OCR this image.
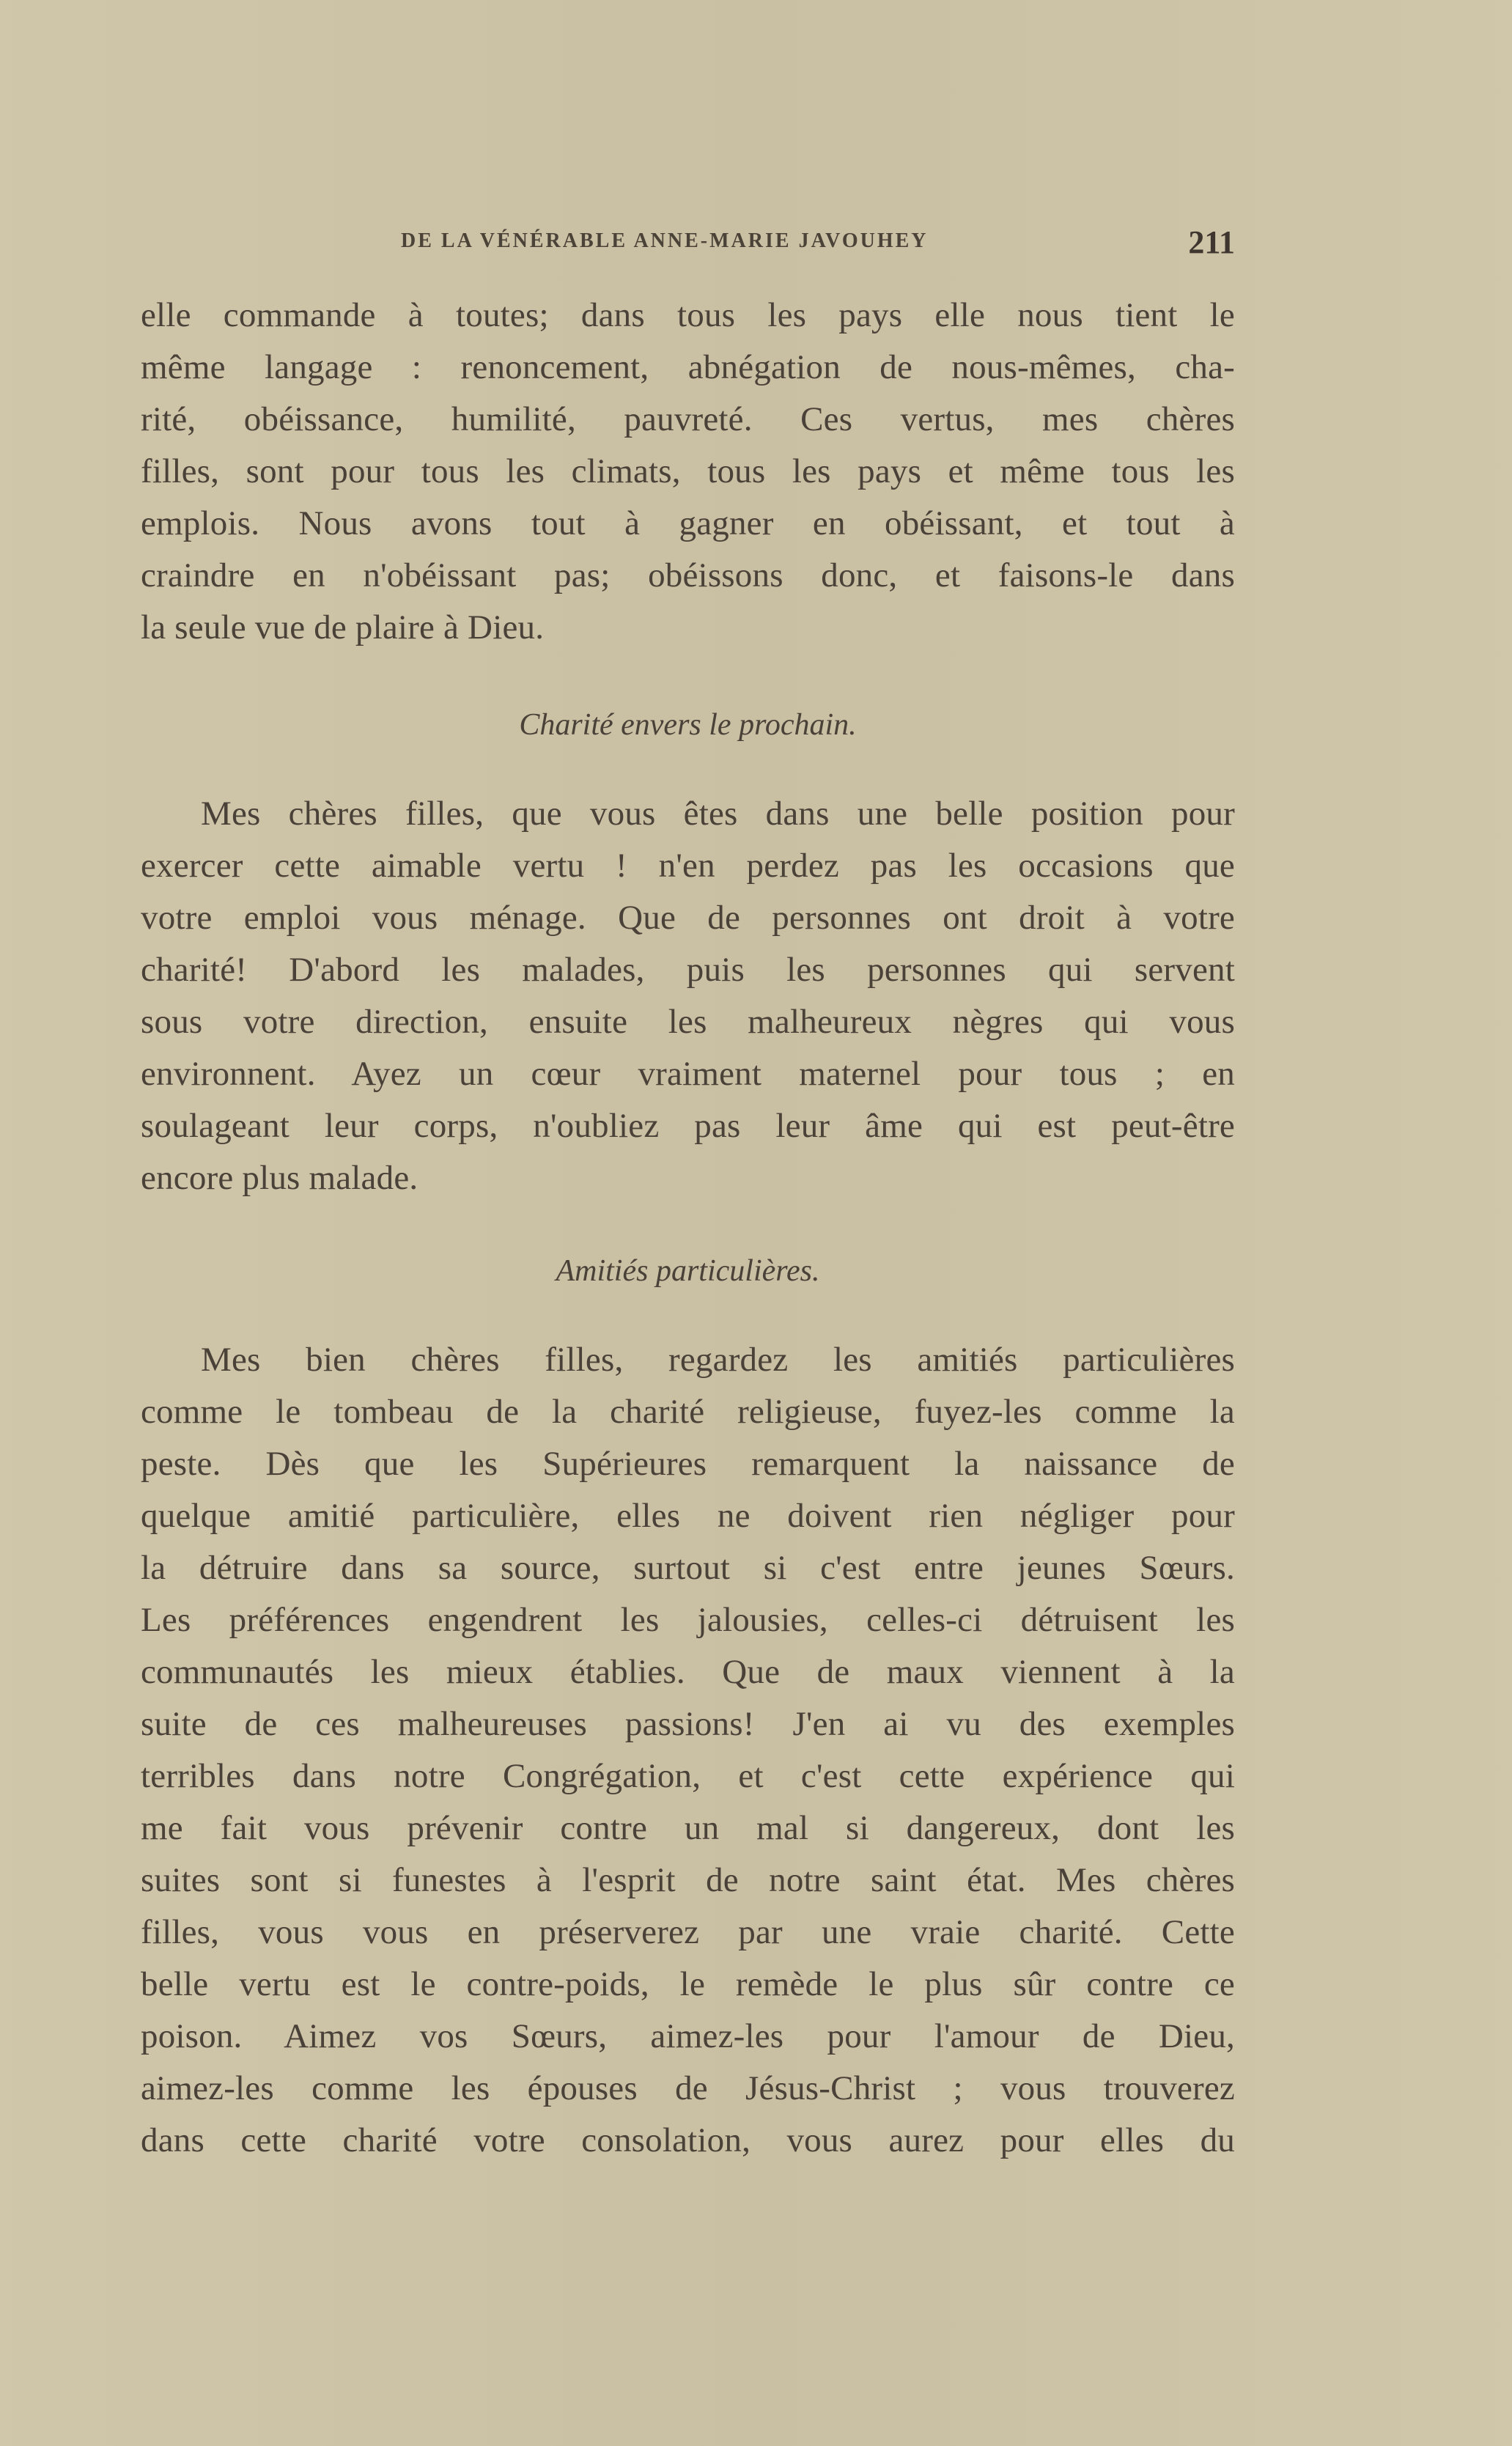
DE LA VÉNÉRABLE ANNE-MARIE JAVOUHEY	211
elle commande à toutes; dans tous les pays elle nous tient le
même langage : renoncement, abnégation de nous-mêmes, cha-
rité, obéissance, humilité, pauvreté. Ces vertus, mes chères
filles, sont pour tous les climats, tous les pays et même tous les
emplois. Nous avons tout à gagner en obéissant, et tout à
craindre en n'obéissant pas; obéissons donc, et faisons-le dans
la seule vue de plaire à Dieu.
Charité envers le prochain.
Mes chères filles, que vous êtes dans une belle position pour
exercer cette aimable vertu ! n'en perdez pas les occasions que
votre emploi vous ménage. Que de personnes ont droit à votre
charité! D'abord les malades, puis les personnes qui servent
sous votre direction, ensuite les malheureux nègres qui vous
environnent. Ayez un cœur vraiment maternel pour tous ; en
soulageant leur corps, n'oubliez pas leur âme qui est peut-être
encore plus malade.
Amitiés particulières.
Mes bien chères filles, regardez les amitiés particulières
comme le tombeau de la charité religieuse, fuyez-les comme la
peste. Dès que les Supérieures remarquent la naissance de
quelque amitié particulière, elles ne doivent rien négliger pour
la détruire dans sa source, surtout si c'est entre jeunes Sœurs.
Les préférences engendrent les jalousies, celles-ci détruisent les
communautés les mieux établies. Que de maux viennent à la
suite de ces malheureuses passions! J'en ai vu des exemples
terribles dans notre Congrégation, et c'est cette expérience qui
me fait vous prévenir contre un mal si dangereux, dont les
suites sont si funestes à l'esprit de notre saint état. Mes chères
filles, vous vous en préserverez par une vraie charité. Cette
belle vertu est le contre-poids, le remède le plus sûr contre ce
poison. Aimez vos Sœurs, aimez-les pour l'amour de Dieu,
aimez-les comme les épouses de Jésus-Christ ; vous trouverez
dans cette charité votre consolation, vous aurez pour elles du
